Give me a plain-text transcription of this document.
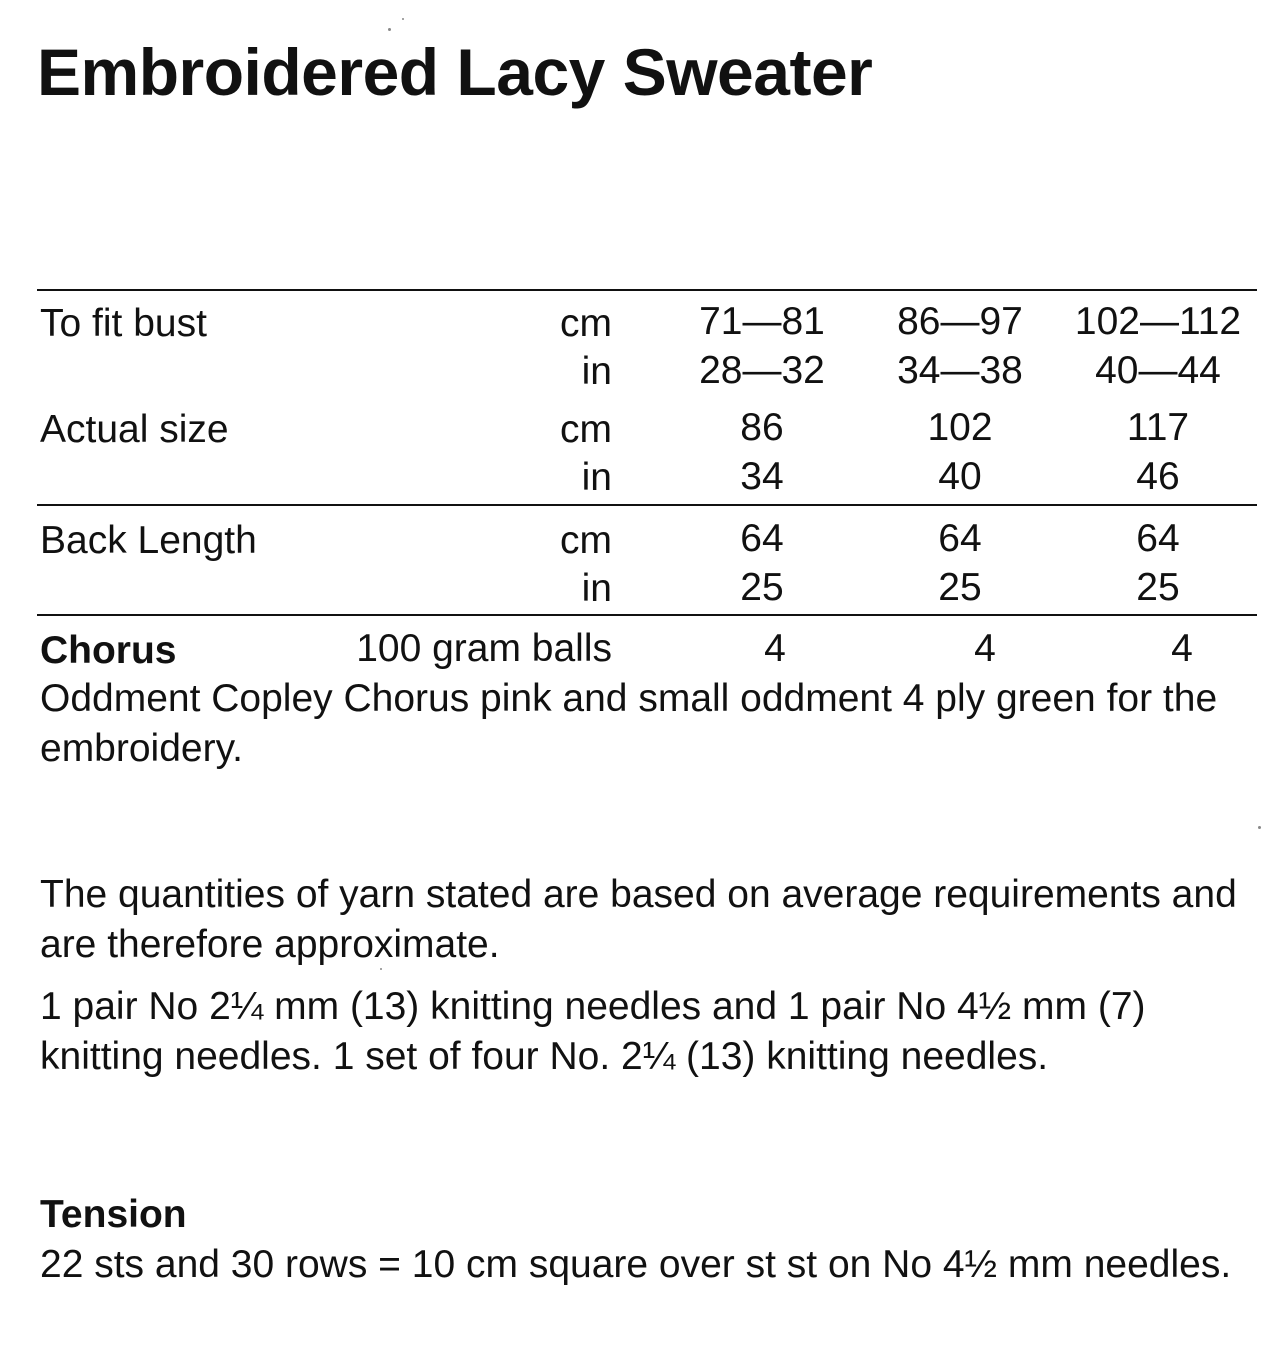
Embroidered Lacy Sweater
To fit bust	cm	71—81	86—97	102—112
in	28—32	34—38	40—44
Actual size	cm	86	102	117
in	34	40	46
Back Length	cm	64	64	64
in	25	25	25
Chorus	100 gram balls	4	4	4
Oddment Copley Chorus pink and small oddment 4 ply green for the embroidery.
The quantities of yarn stated are based on average requirements and are therefore approximate.
1 pair No 2¼ mm (13) knitting needles and 1 pair No 4½ mm (7) knitting needles. 1 set of four No. 2¼ (13) knitting needles.
Tension
22 sts and 30 rows = 10 cm square over st st on No 4½ mm needles.
